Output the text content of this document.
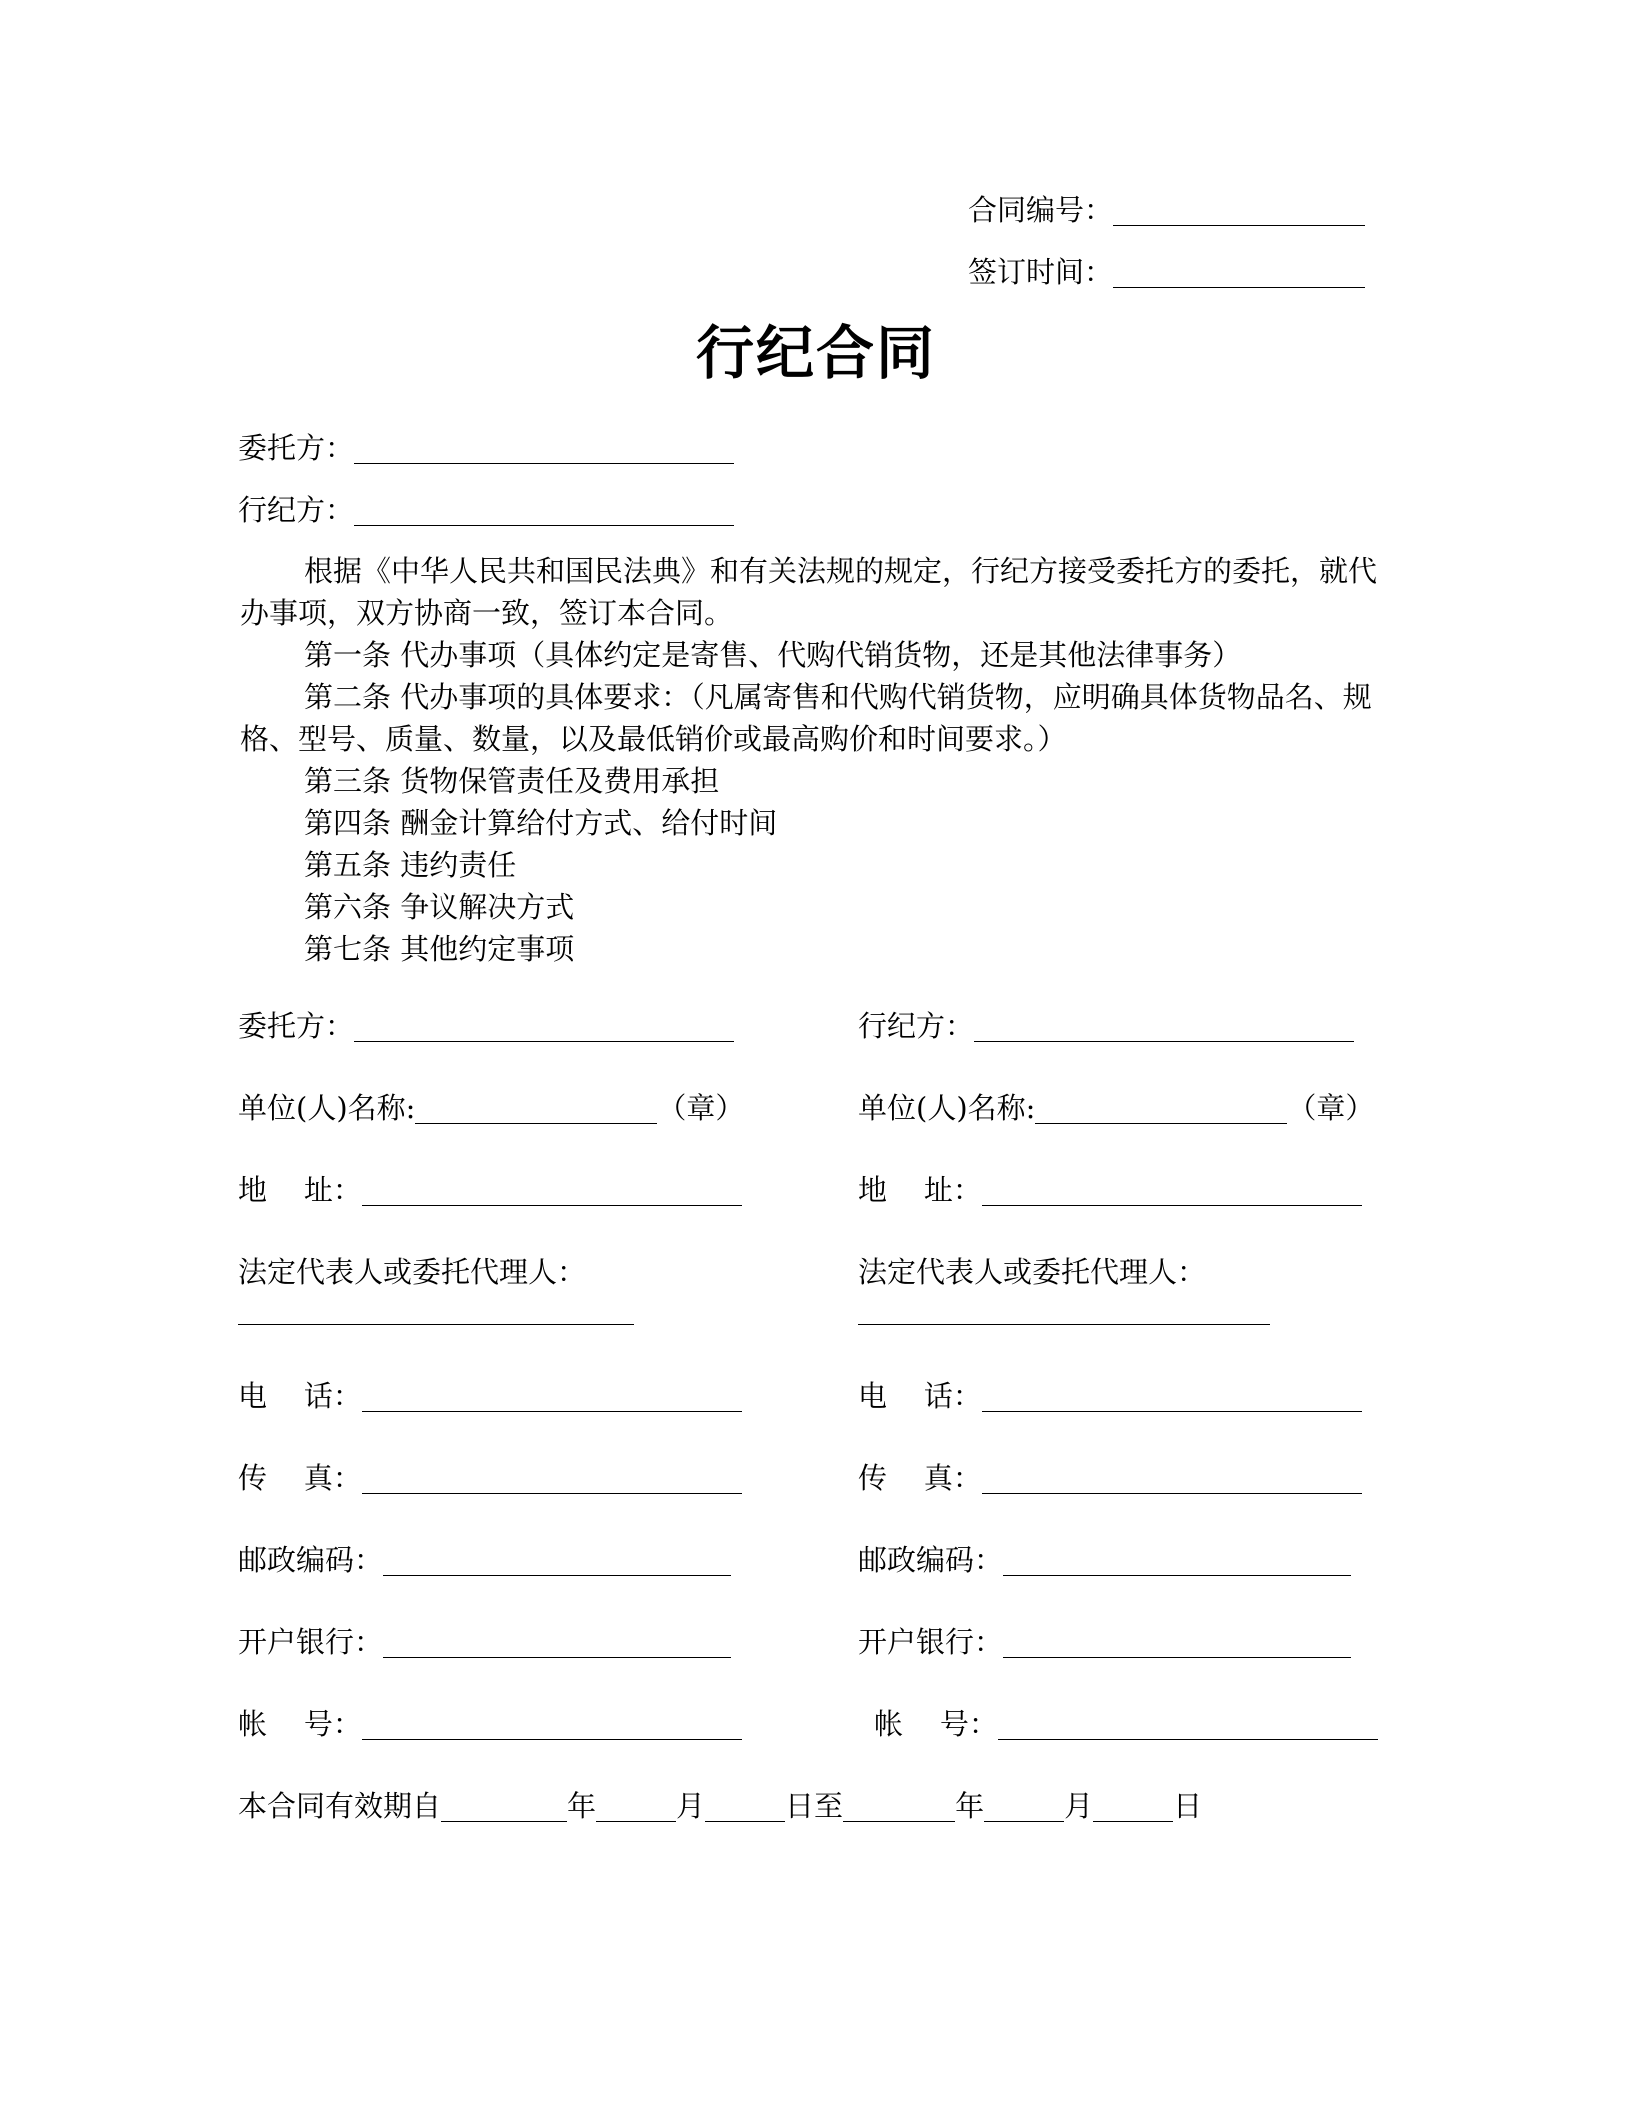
合同编号：
签订时间：
行纪合同
委托方：
行纪方：
根据《中华人民共和国民法典》和有关法规的规定，行纪方接受委托方的委托，就代办事项，双方协商一致，签订本合同。
第一条 代办事项（具体约定是寄售、代购代销货物，还是其他法律事务）
第二条 代办事项的具体要求：（凡属寄售和代购代销货物，应明确具体货物品名、规格、型号、质量、数量，以及最低销价或最高购价和时间要求。）
第三条 货物保管责任及费用承担
第四条 酬金计算给付方式、给付时间
第五条 违约责任
第六条 争议解决方式
第七条 其他约定事项
委托方：
单位(人)名称:	（章）
地    址：
法定代表人或委托代理人：
电    话：
传    真：
邮政编码：
开户银行：
帐    号：
行纪方：
单位(人)名称:	（章）
地    址：
法定代表人或委托代理人：
电    话：
传    真：
邮政编码：
开户银行：
帐    号：
本合同有效期自	年	月	日至	年	月	日
